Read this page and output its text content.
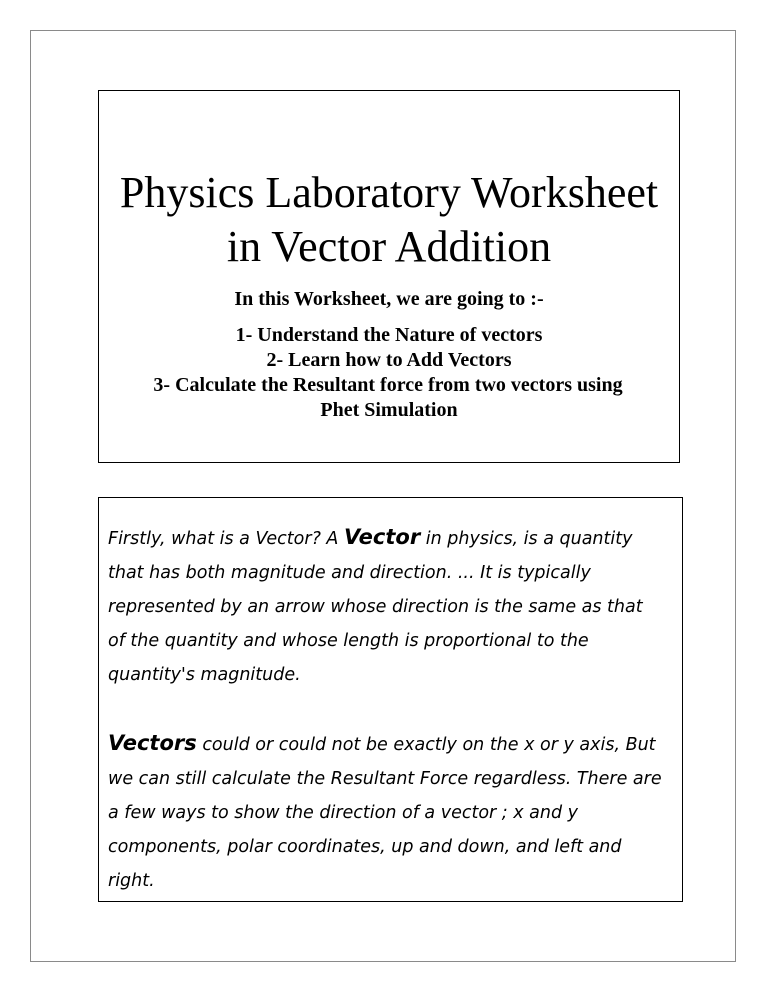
Physics Laboratory Worksheet
in Vector Addition
In this Worksheet, we are going to :-
1- Understand the Nature of vectors
2- Learn how to Add Vectors
3- Calculate the Resultant force from two vectors using
Phet Simulation

Firstly, what is a Vector? A Vector in physics, is a quantity that has both magnitude and direction. ... It is typically represented by an arrow whose direction is the same as that of the quantity and whose length is proportional to the quantity's magnitude.

Vectors could or could not be exactly on the x or y axis, But we can still calculate the Resultant Force regardless. There are a few ways to show the direction of a vector ; x and y components, polar coordinates, up and down, and left and right.
